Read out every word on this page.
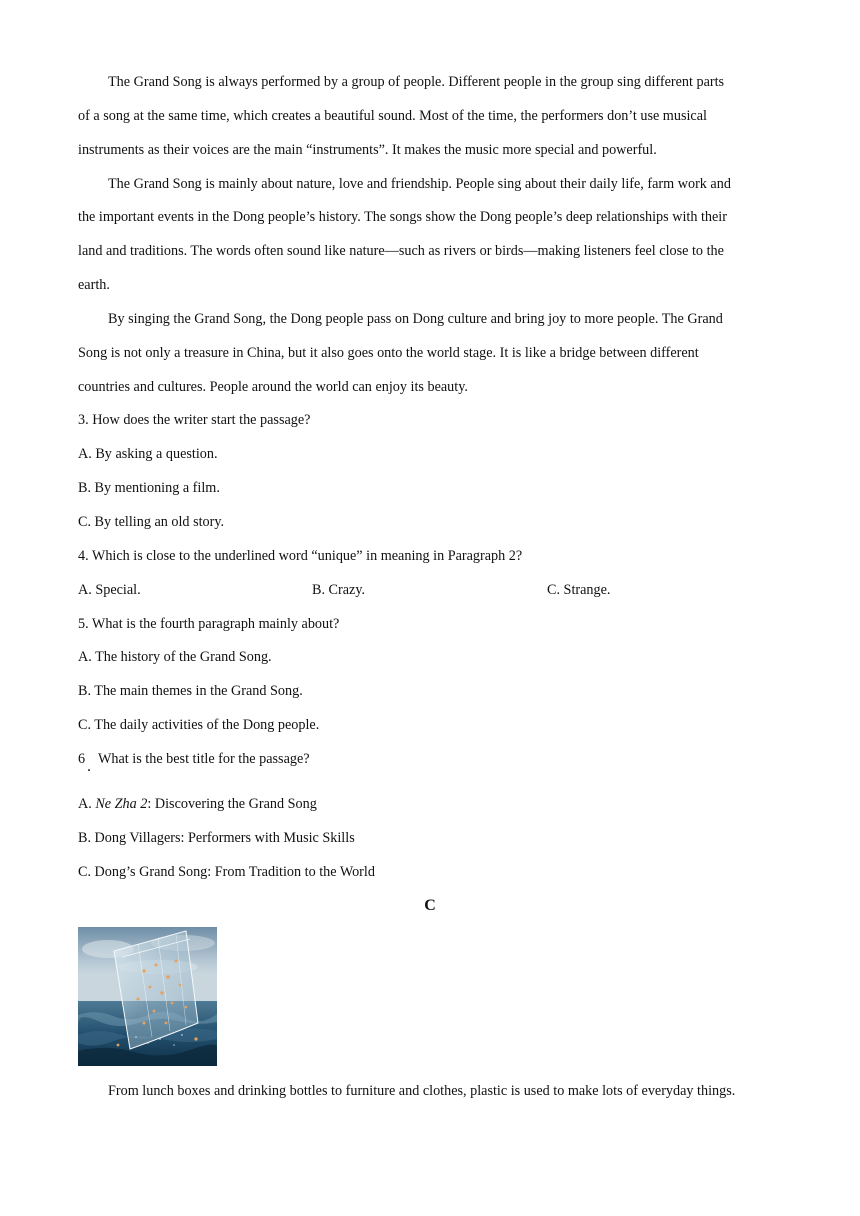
The Grand Song is always performed by a group of people. Different people in the group sing different parts
of a song at the same time, which creates a beautiful sound. Most of the time, the performers don’t use musical
instruments as their voices are the main “instruments”. It makes the music more special and powerful.
The Grand Song is mainly about nature, love and friendship. People sing about their daily life, farm work and
the important events in the Dong people’s history. The songs show the Dong people’s deep relationships with their
land and traditions. The words often sound like nature—such as rivers or birds—making listeners feel close to the
earth.
By singing the Grand Song, the Dong people pass on Dong culture and bring joy to more people. The Grand
Song is not only a treasure in China, but it also goes onto the world stage. It is like a bridge between different
countries and cultures. People around the world can enjoy its beauty.
3. How does the writer start the passage?
A. By asking a question.
B. By mentioning a film.
C. By telling an old story.
4. Which is close to the underlined word “unique” in meaning in Paragraph 2?
A. Special.	B. Crazy.	C. Strange.
5. What is the fourth paragraph mainly about?
A. The history of the Grand Song.
B. The main themes in the Grand Song.
C. The daily activities of the Dong people.
6 What is the best title for the passage?
.
A. Ne Zha 2: Discovering the Grand Song
B. Dong Villagers: Performers with Music Skills
C. Dong’s Grand Song: From Tradition to the World
C
From lunch boxes and drinking bottles to furniture and clothes, plastic is used to make lots of everyday things.
